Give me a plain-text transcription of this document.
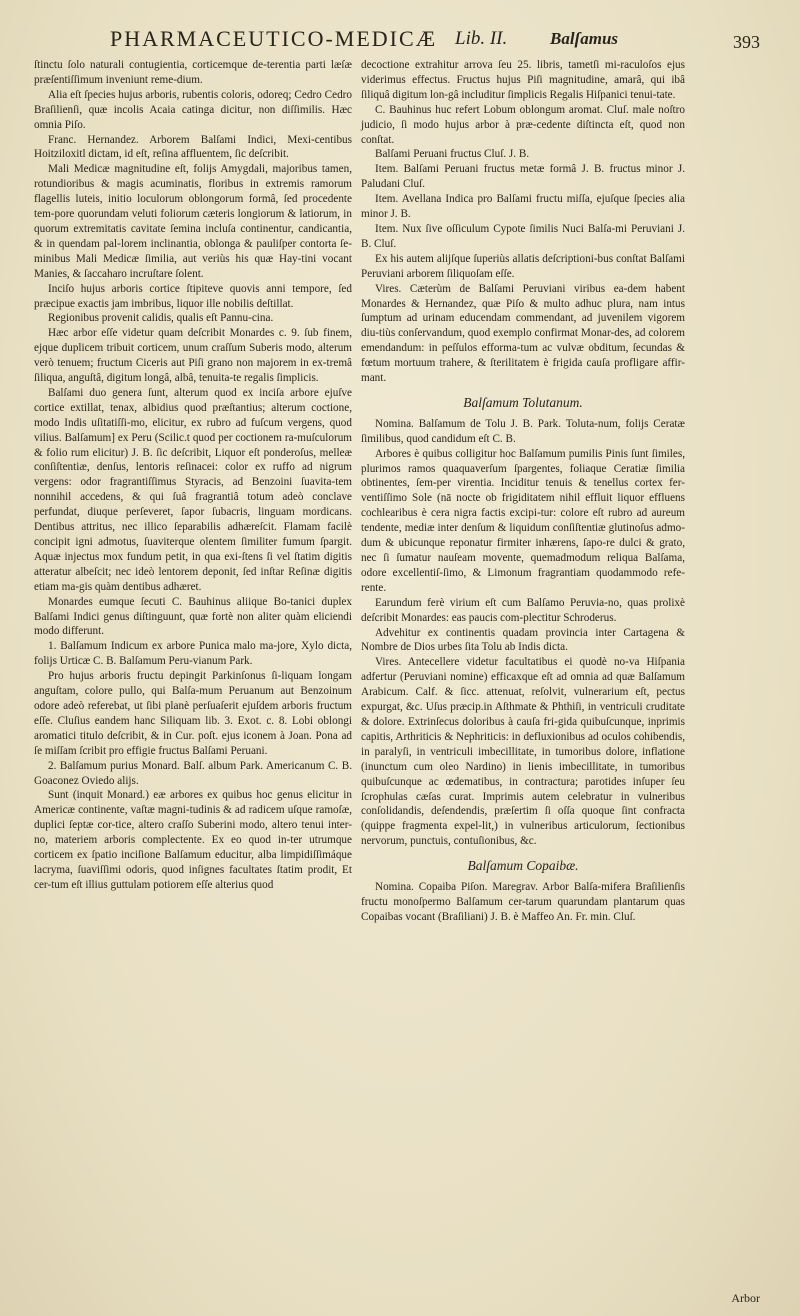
PHARMACEUTICO-MEDICÆ Lib. II.	Balſamus	393

ſtinctu ſolo naturali contugientia, corticemque de-terentia parti læſæ præſentiſſimum inveniunt reme-dium.

Alia eſt ſpecies hujus arboris, rubentis coloris, odoreq; Cedro Cedro Braſilienſi, quæ incolis Acaia catinga dicitur, non diſſimilis. Hæc omnia Piſo.

Franc. Hernandez. Arborem Balſami Indici, Mexi-centibus Hoitziloxitl dictam, id eſt, reſina affluentem, ſic deſcribit.

Mali Medicæ magnitudine eſt, folijs Amygdali, majoribus tamen, rotundioribus & magis acuminatis, floribus in extremis ramorum flagellis luteis, initio loculorum oblongorum formâ, ſed procedente tem-pore quorundam veluti foliorum cæteris longiorum & latiorum, in quorum extremitatis cavitate ſemina incluſa continentur, candicantia, & in quendam pal-lorem inclinantia, oblonga & pauliſper contorta ſe-minibus Mali Medicæ ſimilia, aut veriùs his quæ Hay-tini vocant Manies, & ſaccaharo incruſtare ſolent.

Inciſo hujus arboris cortice ſtipiteve quovis anni tempore, ſed præcipue exactis jam imbribus, liquor ille nobilis deſtillat.

Regionibus provenit calidis, qualis eſt Pannu-cina.

Hæc arbor eſſe videtur quam deſcribit Monardes c. 9. ſub finem, ejque duplicem tribuit corticem, unum craſſum Suberis modo, alterum verò tenuem; fructum Ciceris aut Piſi grano non majorem in ex-tremâ ſiliqua, anguſtâ, digitum longâ, albâ, tenuita-te regalis ſimplicis.

Balſami duo genera ſunt, alterum quod ex inciſa arbore ejuſve cortice extillat, tenax, albidius quod præſtantius; alterum coctione, modo Indis uſitatiſſi-mo, elicitur, ex rubro ad fuſcum vergens, quod vilius. Balſamum] ex Peru (Scilic.t quod per coctionem ra-muſculorum & folio rum elicitur) J. B. ſic deſcribit, Liquor eſt ponderoſus, melleæ conſiſtentiæ, denſus, lentoris reſinacei: color ex ruffo ad nigrum vergens: odor fragrantiſſimus Styracis, ad Benzoini ſuavita-tem nonnihil accedens, & qui ſuâ fragrantiâ totum adeò conclave perfundat, diuque perſeveret, ſapor ſubacris, linguam mordicans. Dentibus attritus, nec illico ſeparabilis adhæreſcit. Flamam facilè concipit igni admotus, ſuaviterque olentem ſimiliter fumum ſpargit. Aquæ injectus mox fundum petit, in qua exi-ſtens ſi vel ſtatim digitis atteratur albeſcit; nec ideò lentorem deponit, ſed inſtar Reſinæ digitis etiam ma-gis quàm dentibus adhæret.

Monardes eumque ſecuti C. Bauhinus aliique Bo-tanici duplex Balſami Indici genus diſtinguunt, quæ fortè non aliter quàm eliciendi modo differunt.

1. Balſamum Indicum ex arbore Punica malo ma-jore, Xylo dicta, folijs Urticæ C. B. Balſamum Peru-vianum Park.

Pro hujus arboris fructu depingit Parkinſonus ſi-liquam longam anguſtam, colore pullo, qui Balſa-mum Peruanum aut Benzoinum odore adeò referebat, ut ſibi planè perſuaſerit ejuſdem arboris fructum eſſe. Cluſius eandem hanc Siliquam lib. 3. Exot. c. 8. Lobi oblongi aromatici titulo deſcribit, & in Cur. poſt. ejus iconem à Joan. Pona ad ſe miſſam ſcribit pro effigie fructus Balſami Peruani.

2. Balſamum purius Monard. Balſ. album Park. Americanum C. B. Goaconez Oviedo alijs.

Sunt (inquit Monard.) eæ arbores ex quibus hoc genus elicitur in Americæ continente, vaſtæ magni-tudinis & ad radicem uſque ramoſæ, duplici ſeptæ cor-tice, altero craſſo Suberini modo, altero tenui inter-no, materiem arboris complectente. Ex eo quod in-ter utrumque corticem ex ſpatio inciſione Balſamum educitur, alba limpidiſſimáque lacryma, ſuaviſſimi odoris, quod inſignes facultates ſtatim prodit, Et cer-tum eſt illius guttulam potiorem eſſe alterius quod

decoctione extrahitur arrova ſeu 25. libris, tametſi mi-raculoſos ejus viderimus effectus. Fructus hujus Piſi magnitudine, amarâ, qui ibâ ſiliquâ digitum lon-gâ includitur ſimplicis Regalis Hiſpanici tenui-tate.

C. Bauhinus huc refert Lobum oblongum aromat. Cluſ. male noſtro judicio, ſi modo hujus arbor à præ-cedente diſtincta eſt, quod non conſtat.

Balſami Peruani fructus Cluſ. J. B.

Item. Balſami Peruani fructus metæ formâ J. B. fructus minor J. Paludani Cluſ.

Item. Avellana Indica pro Balſami fructu miſſa, ejuſque ſpecies alia minor J. B.

Item. Nux ſive oſſiculum Cypote ſimilis Nuci Balſa-mi Peruviani J. B. Cluſ.

Ex his autem alijſque ſuperiùs allatis deſcriptioni-bus conſtat Balſami Peruviani arborem ſiliquoſam eſſe.

Vires. Cæterùm de Balſami Peruviani viribus ea-dem habent Monardes & Hernandez, quæ Piſo & multo adhuc plura, nam intus ſumptum ad urinam educendam commendant, ad juvenilem vigorem diu-tiùs conſervandum, quod exemplo confirmat Monar-des, ad colorem emendandum: in peſſulos efforma-tum ac vulvæ obditum, ſecundas & fœtum mortuum trahere, & ſterilitatem è frigida cauſa profligare affir-mant.

Balſamum Tolutanum.

Nomina. Balſamum de Tolu J. B. Park. Toluta-num, folijs Ceratæ ſimilibus, quod candidum eſt C. B.

Arbores è quibus colligitur hoc Balſamum pumilis Pinis ſunt ſimiles, plurimos ramos quaquaverſum ſpargentes, foliaque Ceratiæ ſimilia obtinentes, ſem-per virentia. Inciditur tenuis & tenellus cortex fer-ventiſſimo Sole (nā nocte ob frigiditatem nihil effluit liquor effluens cochlearibus è cera nigra factis excipi-tur: colore eſt rubro ad aureum tendente, mediæ inter denſum & liquidum conſiſtentiæ glutinoſus admo-dum & ubicunque reponatur firmiter inhærens, ſapo-re dulci & grato, nec ſi ſumatur nauſeam movente, quemadmodum reliqua Balſama, odore excellentiſ-ſimo, & Limonum fragrantiam quodammodo refe-rente.

Earundum ferè virium eſt cum Balſamo Peruvia-no, quas prolixè deſcribit Monardes: eas paucis com-plectitur Schroderus.

Advehitur ex continentis quadam provincia inter Cartagena & Nombre de Dios urbes ſita Tolu ab Indis dicta.

Vires. Antecellere videtur facultatibus ei quodè no-va Hiſpania adfertur (Peruviani nomine) efficaxque eſt ad omnia ad quæ Balſamum Arabicum. Calf. & ſicc. attenuat, reſolvit, vulnerarium eſt, pectus expurgat, &c. Uſus præcip.in Aſthmate & Phthiſi, in ventriculi cruditate & dolore. Extrinſecus doloribus à cauſa fri-gida quibuſcunque, inprimis capitis, Arthriticis & Nephriticis: in defluxionibus ad oculos cohibendis, in paralyſi, in ventriculi imbecillitate, in tumoribus dolore, inflatione (inunctum cum oleo Nardino) in lienis imbecillitate, in tumoribus quibuſcunque ac œdematibus, in contractura; parotides inſuper ſeu ſcrophulas cæſas curat. Imprimis autem celebratur in vulneribus conſolidandis, deſendendis, præſertim ſi oſſa quoque ſint confracta (quippe fragmenta expel-lit,) in vulneribus articulorum, ſectionibus nervorum, punctuis, contuſionibus, &c.

Balſamum Copaibæ.

Nomina. Copaiba Piſon. Maregrav. Arbor Balſa-mifera Braſilienſis fructu monoſpermo Balſamum cer-tarum quarundam plantarum quas Copaibas vocant (Braſiliani) J. B. è Maffeo An. Fr. min. Cluſ.

Arbor
